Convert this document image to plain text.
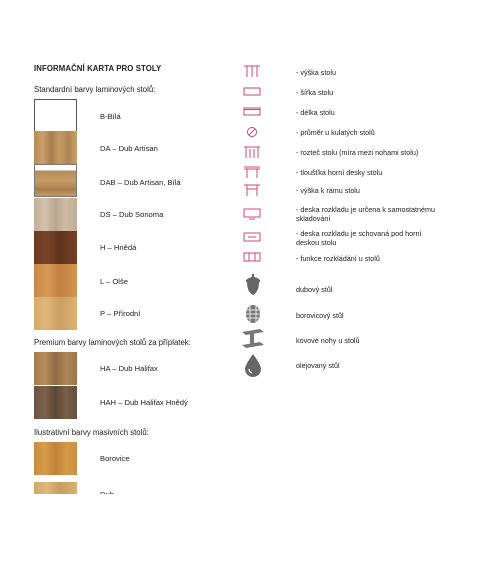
INFORMAČNÍ KARTA PRO STOLY
Standardní barvy laminových stolů:
B-Bílá
DA – Dub Artisan
DAB – Dub Artisan, Bílá
DS – Dub Sonoma
H – Hnědá
L – Olše
P – Přírodní
Premium barvy laminových stolů za příplatek:
HA – Dub Halifax
HAH – Dub Halifax Hnědý
Ilustrativní barvy masivních stolů:
Borovice
- výška stolu
- šířka stolu
- délka stolu
- průměr u kulatých stolů
- rozteč stolu (míra mezi nohami stolu)
- tloušťka horní desky stolu
- výška k rámu stolu
- deska rozkladu je určena k samostatnému skladování
- deska rozkladu je schovaná pod horní deskou stolu
- funkce rozkládání u stolů
dubový stůl
borovicový stůl
kovové nohy u stolů
olejovaný stůl
